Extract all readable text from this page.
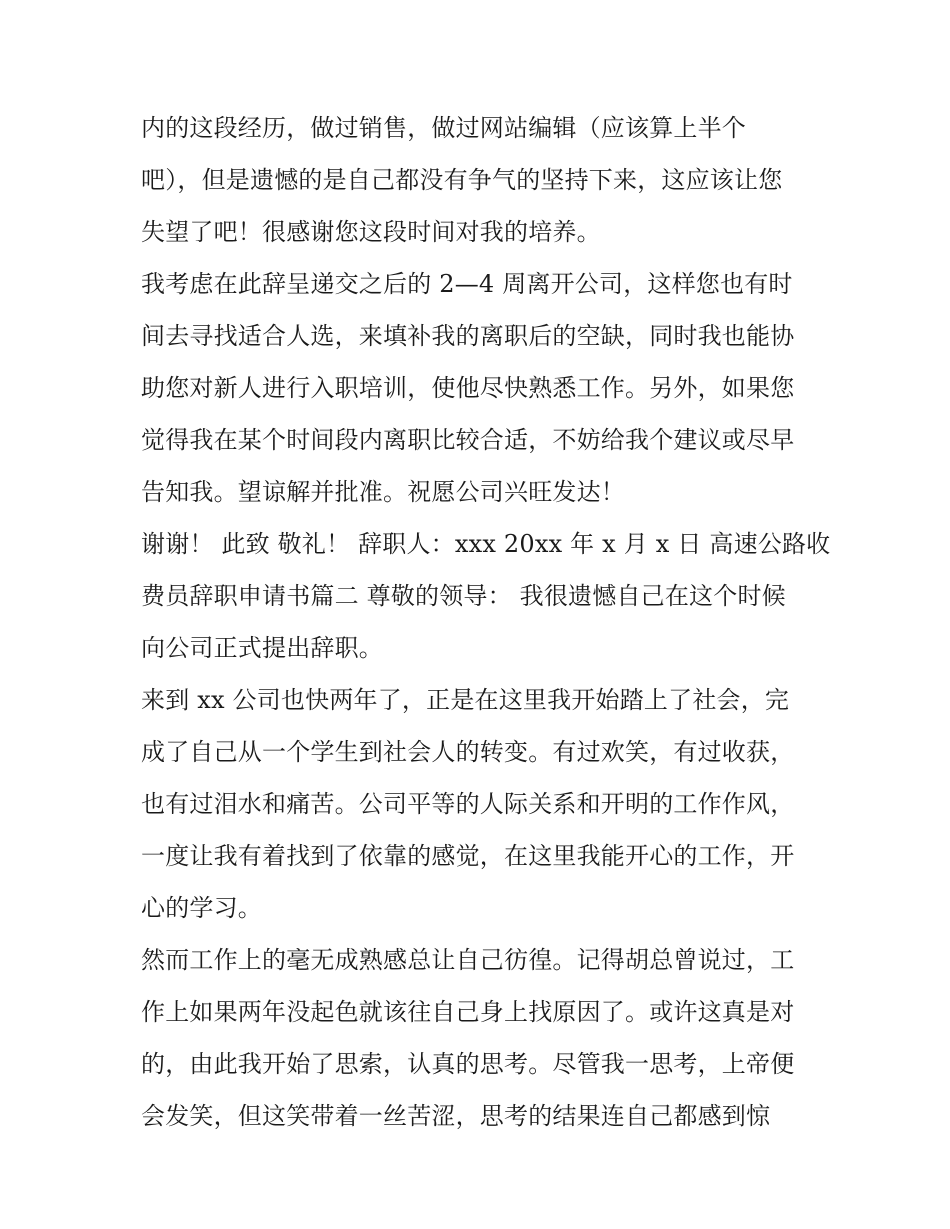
内的这段经历，做过销售，做过网站编辑（应该算上半个
吧），但是遗憾的是自己都没有争气的坚持下来，这应该让您
失望了吧！很感谢您这段时间对我的培养。
我考虑在此辞呈递交之后的 2—4 周离开公司，这样您也有时
间去寻找适合人选，来填补我的离职后的空缺，同时我也能协
助您对新人进行入职培训，使他尽快熟悉工作。另外，如果您
觉得我在某个时间段内离职比较合适，不妨给我个建议或尽早
告知我。望谅解并批准。祝愿公司兴旺发达！
谢谢！ 此致 敬礼！ 辞职人：xxx 20xx 年 x 月 x 日 高速公路收
费员辞职申请书篇二 尊敬的领导： 我很遗憾自己在这个时候
向公司正式提出辞职。
来到 xx 公司也快两年了，正是在这里我开始踏上了社会，完
成了自己从一个学生到社会人的转变。有过欢笑，有过收获，
也有过泪水和痛苦。公司平等的人际关系和开明的工作作风，
一度让我有着找到了依靠的感觉，在这里我能开心的工作，开
心的学习。
然而工作上的毫无成熟感总让自己彷徨。记得胡总曾说过，工
作上如果两年没起色就该往自己身上找原因了。或许这真是对
的，由此我开始了思索，认真的思考。尽管我一思考，上帝便
会发笑，但这笑带着一丝苦涩，思考的结果连自己都感到惊
